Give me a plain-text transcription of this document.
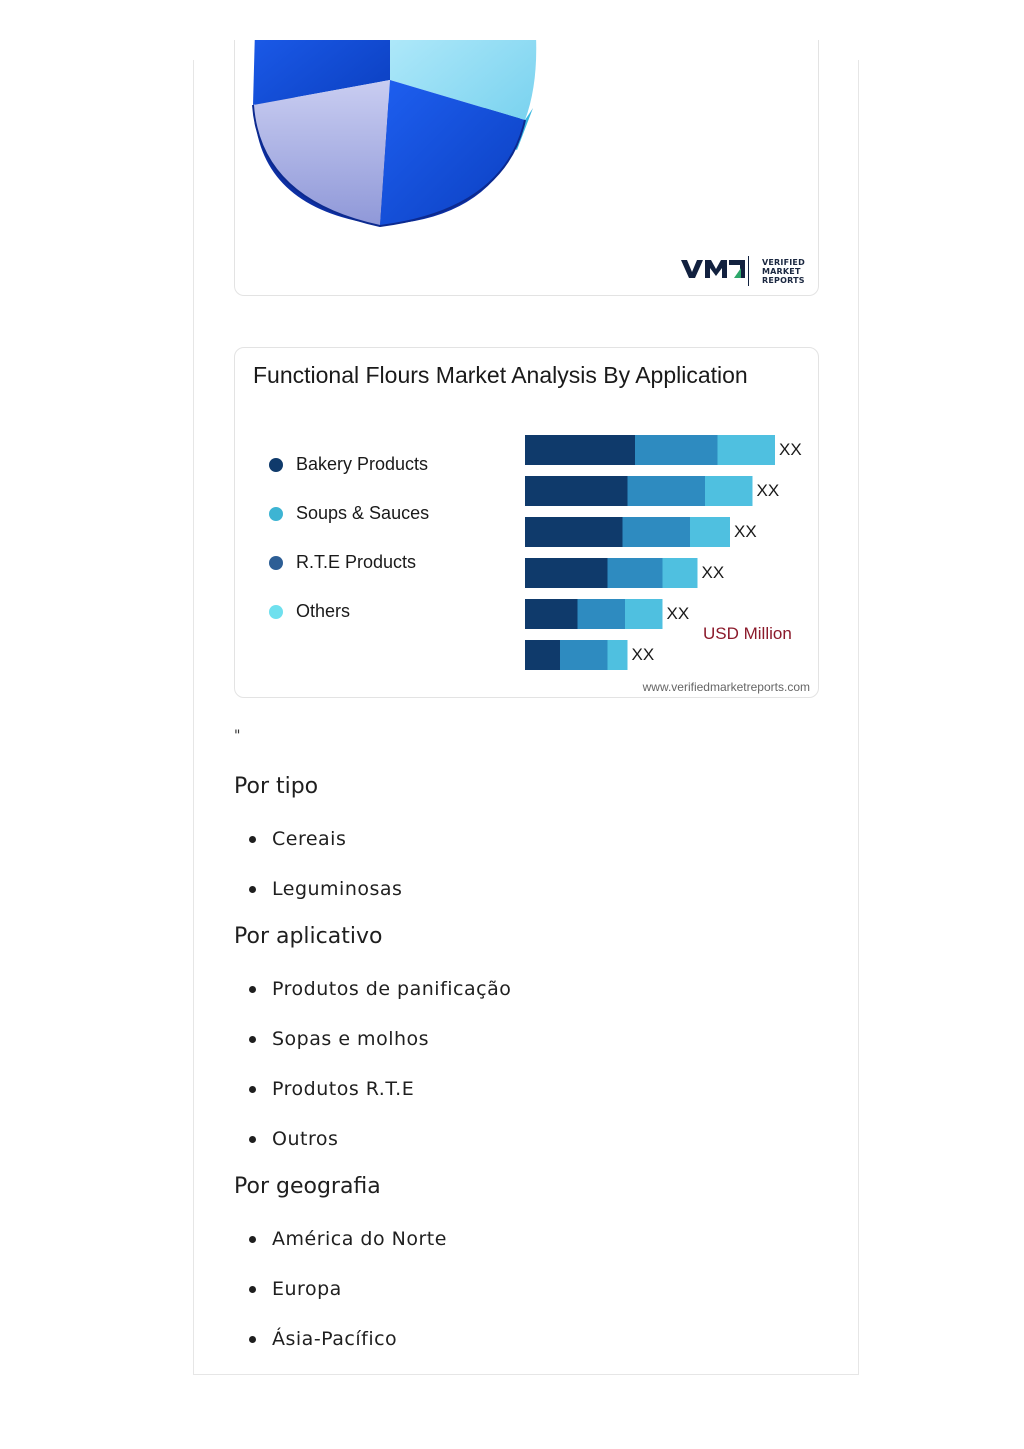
VERIFIED
MARKET
REPORTS
Functional Flours Market Analysis By Application
Bakery Products
Soups & Sauces
R.T.E Products
Others
XX
XX
XX
XX
XX
XX
USD Million
www.verifiedmarketreports.com
"
Por tipo
Cereais
Leguminosas
Por aplicativo
Produtos de panificação
Sopas e molhos
Produtos R.T.E
Outros
Por geografia
América do Norte
Europa
Ásia-Pacífico
